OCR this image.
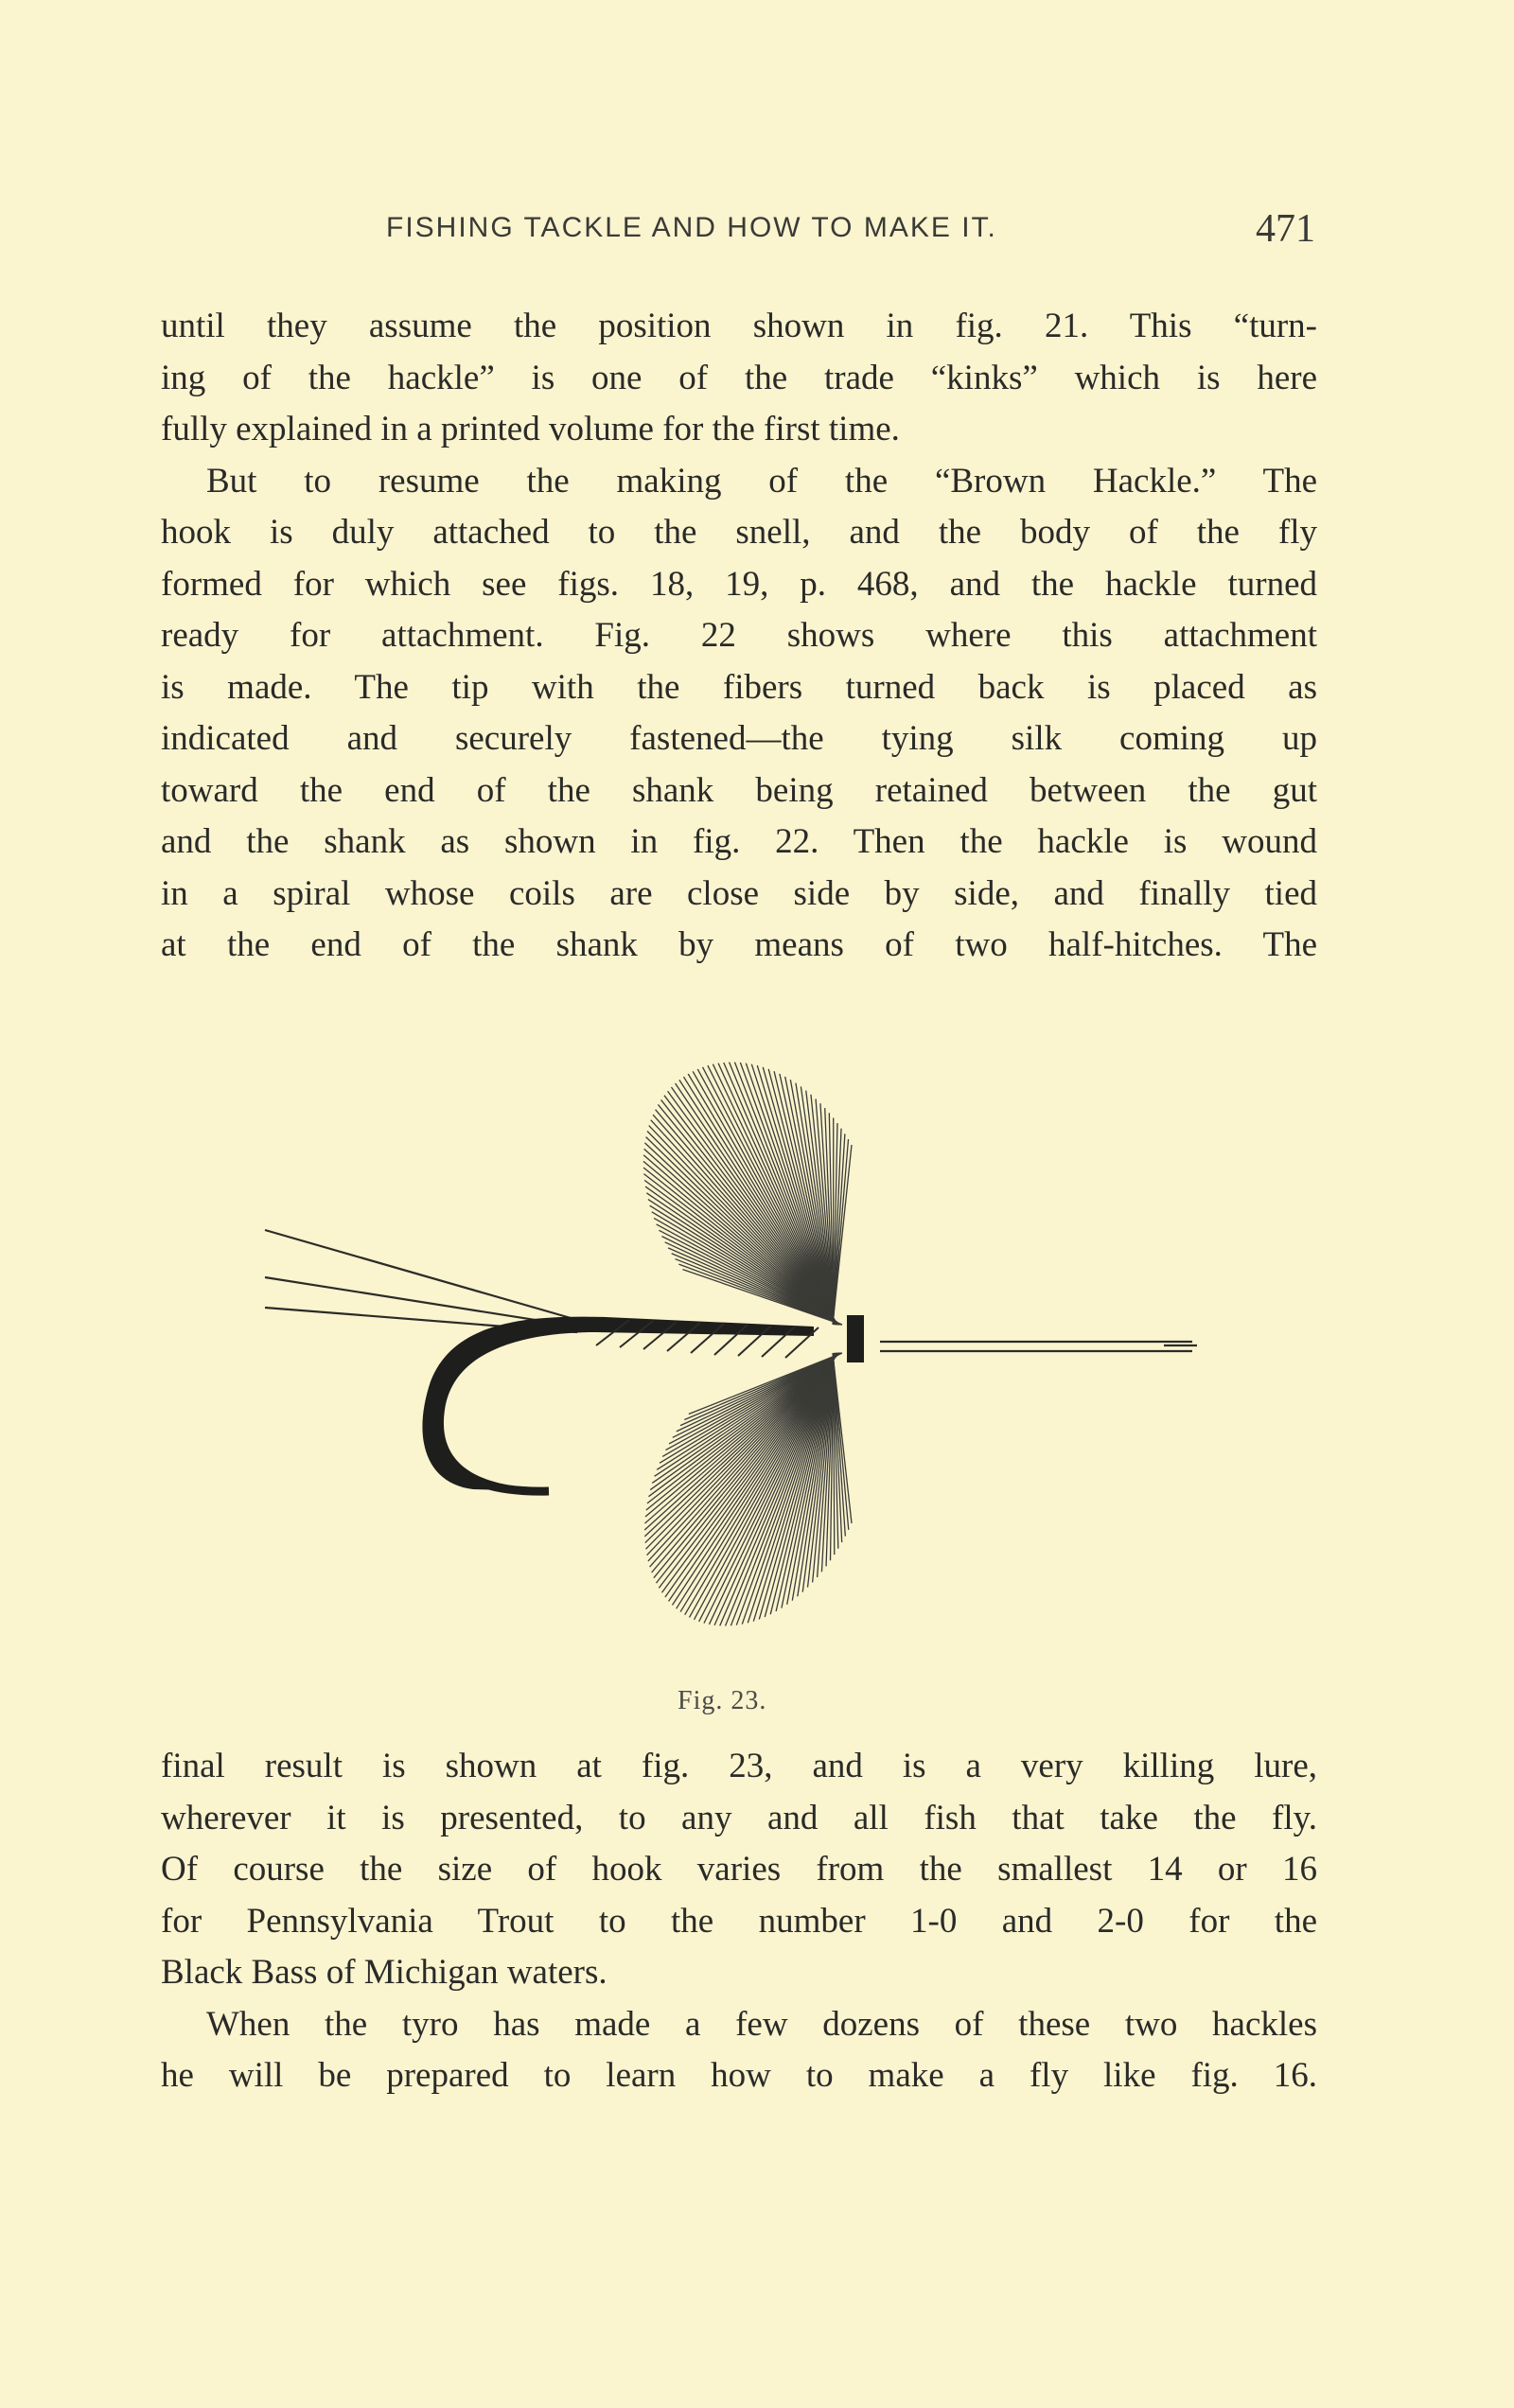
FISHING TACKLE AND HOW TO MAKE IT.	471
until they assume the position shown in fig. 21. This “turn-
ing of the hackle” is one of the trade “kinks” which is here
fully explained in a printed volume for the first time.
But to resume the making of the “Brown Hackle.” The
hook is duly attached to the snell, and the body of the fly
formed for which see figs. 18, 19, p. 468, and the hackle turned
ready for attachment. Fig. 22 shows where this attachment
is made. The tip with the fibers turned back is placed as
indicated and securely fastened—the tying silk coming up
toward the end of the shank being retained between the gut
and the shank as shown in fig. 22. Then the hackle is wound
in a spiral whose coils are close side by side, and finally tied
at the end of the shank by means of two half-hitches. The
Fig. 23.
final result is shown at fig. 23, and is a very killing lure,
wherever it is presented, to any and all fish that take the fly.
Of course the size of hook varies from the smallest 14 or 16
for Pennsylvania Trout to the number 1-0 and 2-0 for the
Black Bass of Michigan waters.
When the tyro has made a few dozens of these two hackles
he will be prepared to learn how to make a fly like fig. 16.
